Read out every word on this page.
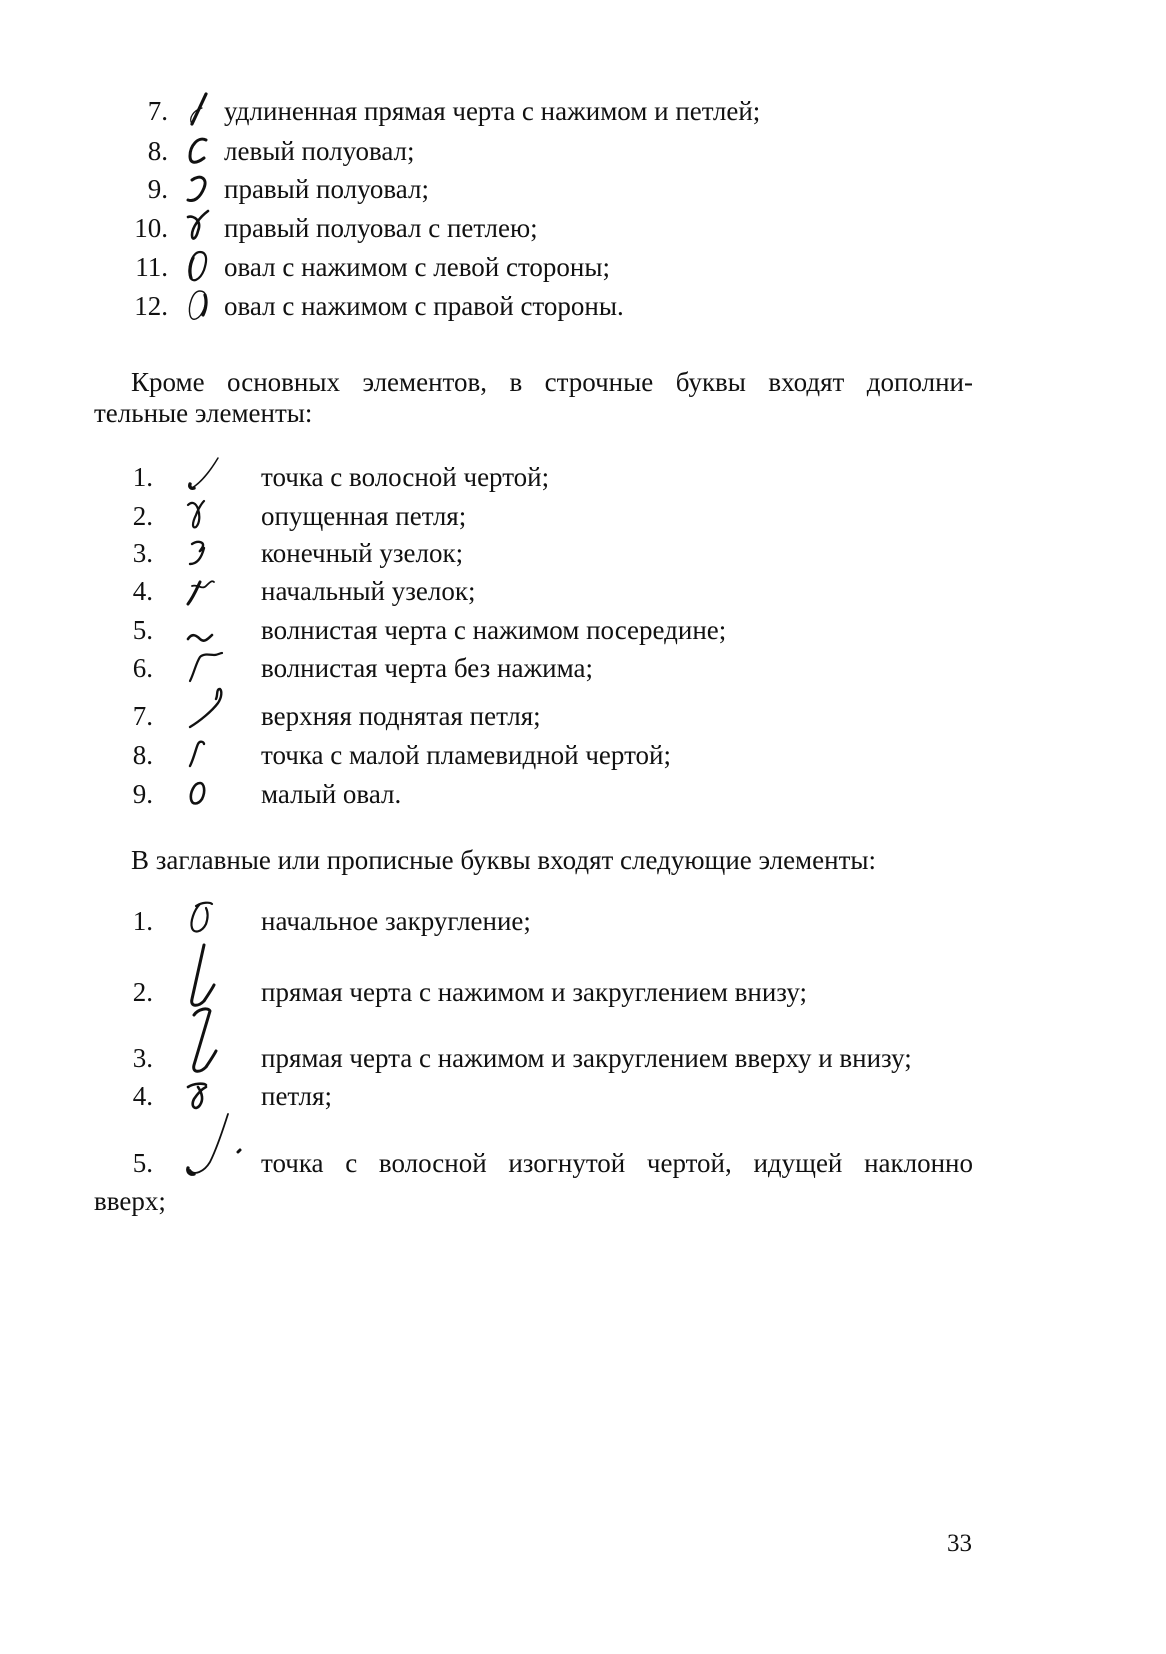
7. удлиненная прямая черта с нажимом и петлей;
8. левый полуовал;
9. правый полуовал;
10. правый полуовал с петлею;
11. овал с нажимом с левой стороны;
12. овал с нажимом с правой стороны.
Кроме основных элементов, в строчные буквы входят дополни-
тельные элементы:
1.	точка с волосной чертой;
2.	опущенная петля;
3.	конечный узелок;
4.	начальный узелок;
5.	волнистая черта с нажимом посередине;
6.	волнистая черта без нажима;
7.	верхняя поднятая петля;
8.	точка с малой пламевидной чертой;
9.	малый овал.
В заглавные или прописные буквы входят следующие элементы:
1.	начальное закругление;
2.	прямая черта с нажимом и закруглением внизу;
3.	прямая черта с нажимом и закруглением вверху и внизу;
4.	петля;
5.	точка с волосной изогнутой чертой, идущей наклонно
вверх;
33
